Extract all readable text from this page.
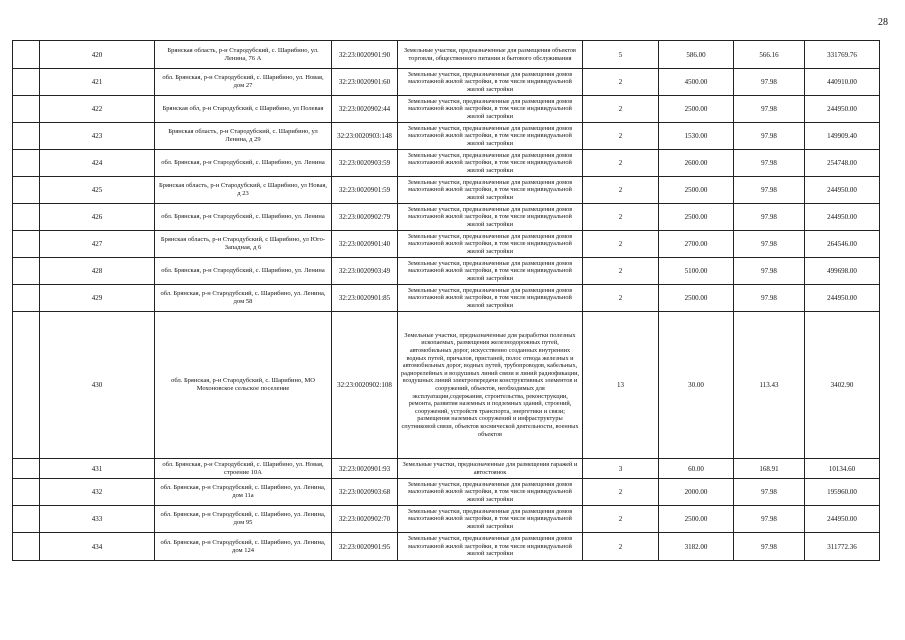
28
	420	Брянская область, р-н Стародубский, с. Шарибино, ул. Ленина, 76 А	32:23:0020901:90	Земельные участки, предназначенные для размещения объектов торговли, общественного питания и бытового обслуживания	5	586.00	566.16	331769.76
	421	обл. Брянская, р-н Стародубский, с. Шарибино, ул. Новая, дом 27	32:23:0020901:60	Земельные участки, предназначенные для размещения домов малоэтажной жилой застройки, в том числе индивидуальной жилой застройки	2	4500.00	97.98	440910.00
	422	Брянская обл, р-н Стародубский, с Шарибино, ул Полевая	32:23:0020902:44	Земельные участки, предназначенные для размещения домов малоэтажной жилой застройки, в том числе индивидуальной жилой застройки	2	2500.00	97.98	244950.00
	423	Брянская область, р-н Стародубский, с. Шарибино, ул Ленина, д 29	32:23:0020903:148	Земельные участки, предназначенные для размещения домов малоэтажной жилой застройки, в том числе индивидуальной жилой застройки	2	1530.00	97.98	149909.40
	424	обл. Брянская, р-н Стародубский, с. Шарибино, ул. Ленина	32:23:0020903:59	Земельные участки, предназначенные для размещения домов малоэтажной жилой застройки, в том числе индивидуальной жилой застройки	2	2600.00	97.98	254748.00
	425	Брянская область, р-н Стародубский, с Шарибино, ул Новая, д 23	32:23:0020901:59	Земельные участки, предназначенные для размещения домов малоэтажной жилой застройки, в том числе индивидуальной жилой застройки	2	2500.00	97.98	244950.00
	426	обл. Брянская, р-н Стародубский, с. Шарибино, ул. Ленина	32:23:0020902:79	Земельные участки, предназначенные для размещения домов малоэтажной жилой застройки, в том числе индивидуальной жилой застройки	2	2500.00	97.98	244950.00
	427	Брянская область, р-н Стародубский, с Шарибино, ул Юго-Западная, д 6	32:23:0020901:40	Земельные участки, предназначенные для размещения домов малоэтажной жилой застройки, в том числе индивидуальной жилой застройки	2	2700.00	97.98	264546.00
	428	обл. Брянская, р-н Стародубский, с. Шарибино, ул. Ленина	32:23:0020903:49	Земельные участки, предназначенные для размещения домов малоэтажной жилой застройки, в том числе индивидуальной жилой застройки	2	5100.00	97.98	499698.00
	429	обл. Брянская, р-н Стародубский, с. Шарибино, ул. Ленина, дом 58	32:23:0020901:85	Земельные участки, предназначенные для размещения домов малоэтажной жилой застройки, в том числе индивидуальной жилой застройки	2	2500.00	97.98	244950.00
	430	обл. Брянская, р-н Стародубский, с. Шарибино, МО Мохоновское сельское поселение	32:23:0020902:108	Земельные участки, предназначенные для разработки полезных ископаемых, размещения железнодорожных путей, автомобильных дорог, искусственно созданных внутренних водных путей, причалов, пристаней, полос отвода железных и автомобильных дорог, водных путей, трубопроводов, кабельных, радиорелейных и воздушных линий связи и линий радиофикации, воздушных линий электропередачи конструктивных элементов и сооружений, объектов, необходимых для эксплуатации,содержания, строительства, реконструкции, ремонта, развития наземных и подземных зданий, строений, сооружений, устройств транспорта, энергетики и связи; размещения наземных сооружений и инфраструктуры спутниковой связи, объектов космической деятельности, военных объектов	13	30.00	113.43	3402.90
	431	обл. Брянская, р-н Стародубский, с. Шарибино, ул. Новая, строение 10А	32:23:0020901:93	Земельные участки, предназначенные для размещения гаражей и автостоянок	3	60.00	168.91	10134.60
	432	обл. Брянская, р-н Стародубский, с. Шарибино, ул. Ленина, дом 11а	32:23:0020903:68	Земельные участки, предназначенные для размещения домов малоэтажной жилой застройки, в том числе индивидуальной жилой застройки	2	2000.00	97.98	195960.00
	433	обл. Брянская, р-н Стародубский, с. Шарибино, ул. Ленина, дом 95	32:23:0020902:70	Земельные участки, предназначенные для размещения домов малоэтажной жилой застройки, в том числе индивидуальной жилой застройки	2	2500.00	97.98	244950.00
	434	обл. Брянская, р-н Стародубский, с. Шарибино, ул. Ленина, дом 124	32:23:0020901:95	Земельные участки, предназначенные для размещения домов малоэтажной жилой застройки, в том числе индивидуальной жилой застройки	2	3182.00	97.98	311772.36
